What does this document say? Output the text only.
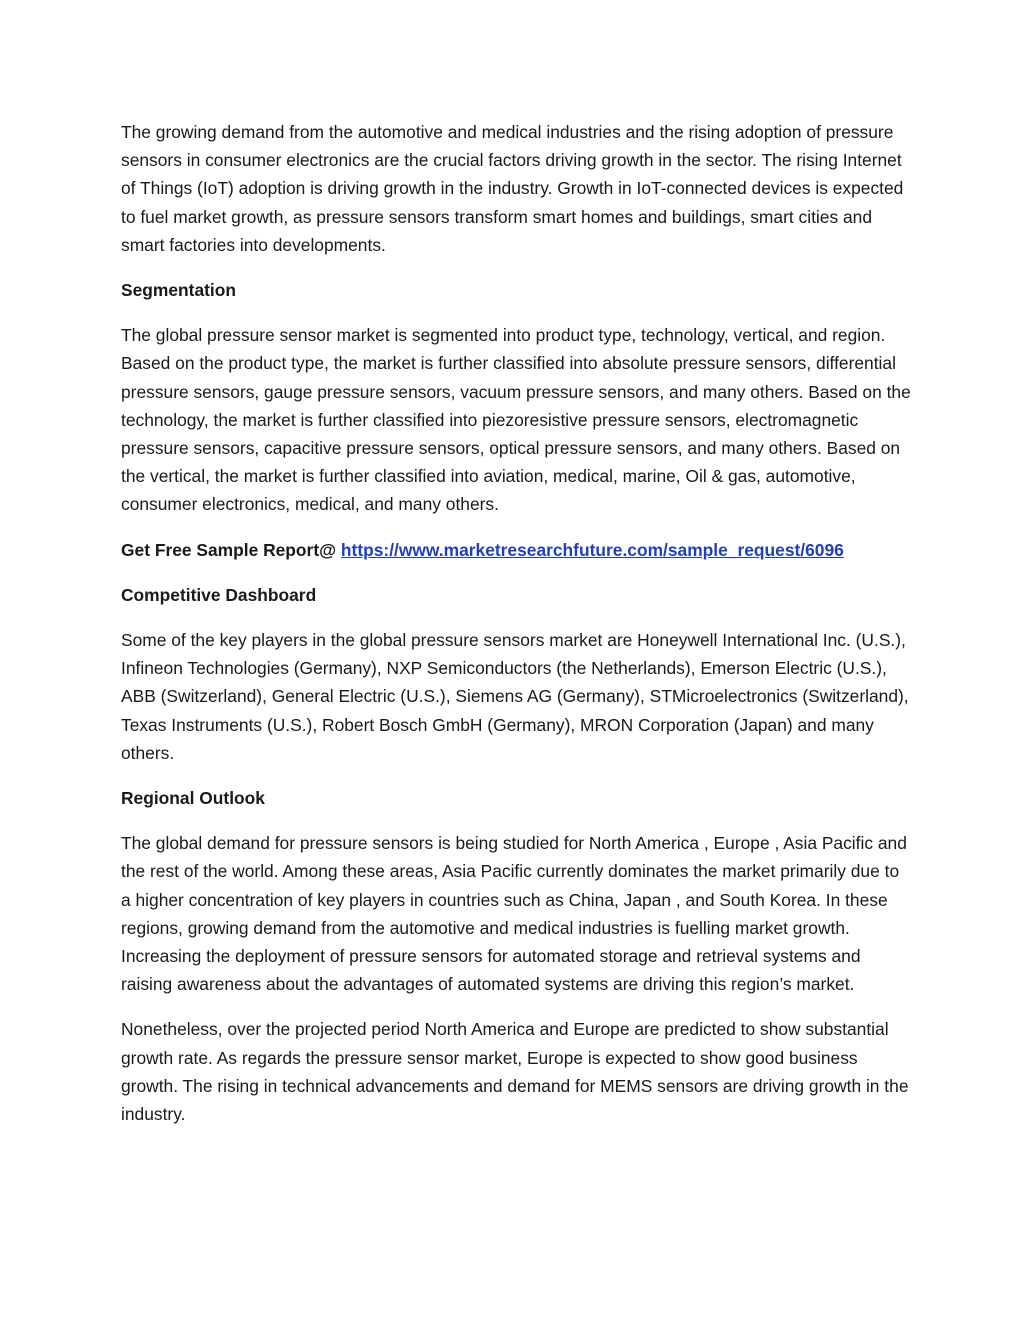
The growing demand from the automotive and medical industries and the rising adoption of pressure sensors in consumer electronics are the crucial factors driving growth in the sector. The rising Internet of Things (IoT) adoption is driving growth in the industry. Growth in IoT-connected devices is expected to fuel market growth, as pressure sensors transform smart homes and buildings, smart cities and smart factories into developments.

Segmentation

The global pressure sensor market is segmented into product type, technology, vertical, and region. Based on the product type, the market is further classified into absolute pressure sensors, differential pressure sensors, gauge pressure sensors, vacuum pressure sensors, and many others. Based on the technology, the market is further classified into piezoresistive pressure sensors, electromagnetic pressure sensors, capacitive pressure sensors, optical pressure sensors, and many others. Based on the vertical, the market is further classified into aviation, medical, marine, Oil & gas, automotive, consumer electronics, medical, and many others.

Get Free Sample Report@ https://www.marketresearchfuture.com/sample_request/6096

Competitive Dashboard

Some of the key players in the global pressure sensors market are Honeywell International Inc. (U.S.), Infineon Technologies (Germany), NXP Semiconductors (the Netherlands), Emerson Electric (U.S.), ABB (Switzerland), General Electric (U.S.), Siemens AG (Germany), STMicroelectronics (Switzerland), Texas Instruments (U.S.), Robert Bosch GmbH (Germany), MRON Corporation (Japan) and many others.

Regional Outlook

The global demand for pressure sensors is being studied for North America , Europe , Asia Pacific and the rest of the world. Among these areas, Asia Pacific currently dominates the market primarily due to a higher concentration of key players in countries such as China, Japan , and South Korea. In these regions, growing demand from the automotive and medical industries is fuelling market growth. Increasing the deployment of pressure sensors for automated storage and retrieval systems and raising awareness about the advantages of automated systems are driving this region’s market.

Nonetheless, over the projected period North America and Europe are predicted to show substantial growth rate. As regards the pressure sensor market, Europe is expected to show good business growth. The rising in technical advancements and demand for MEMS sensors are driving growth in the industry.
